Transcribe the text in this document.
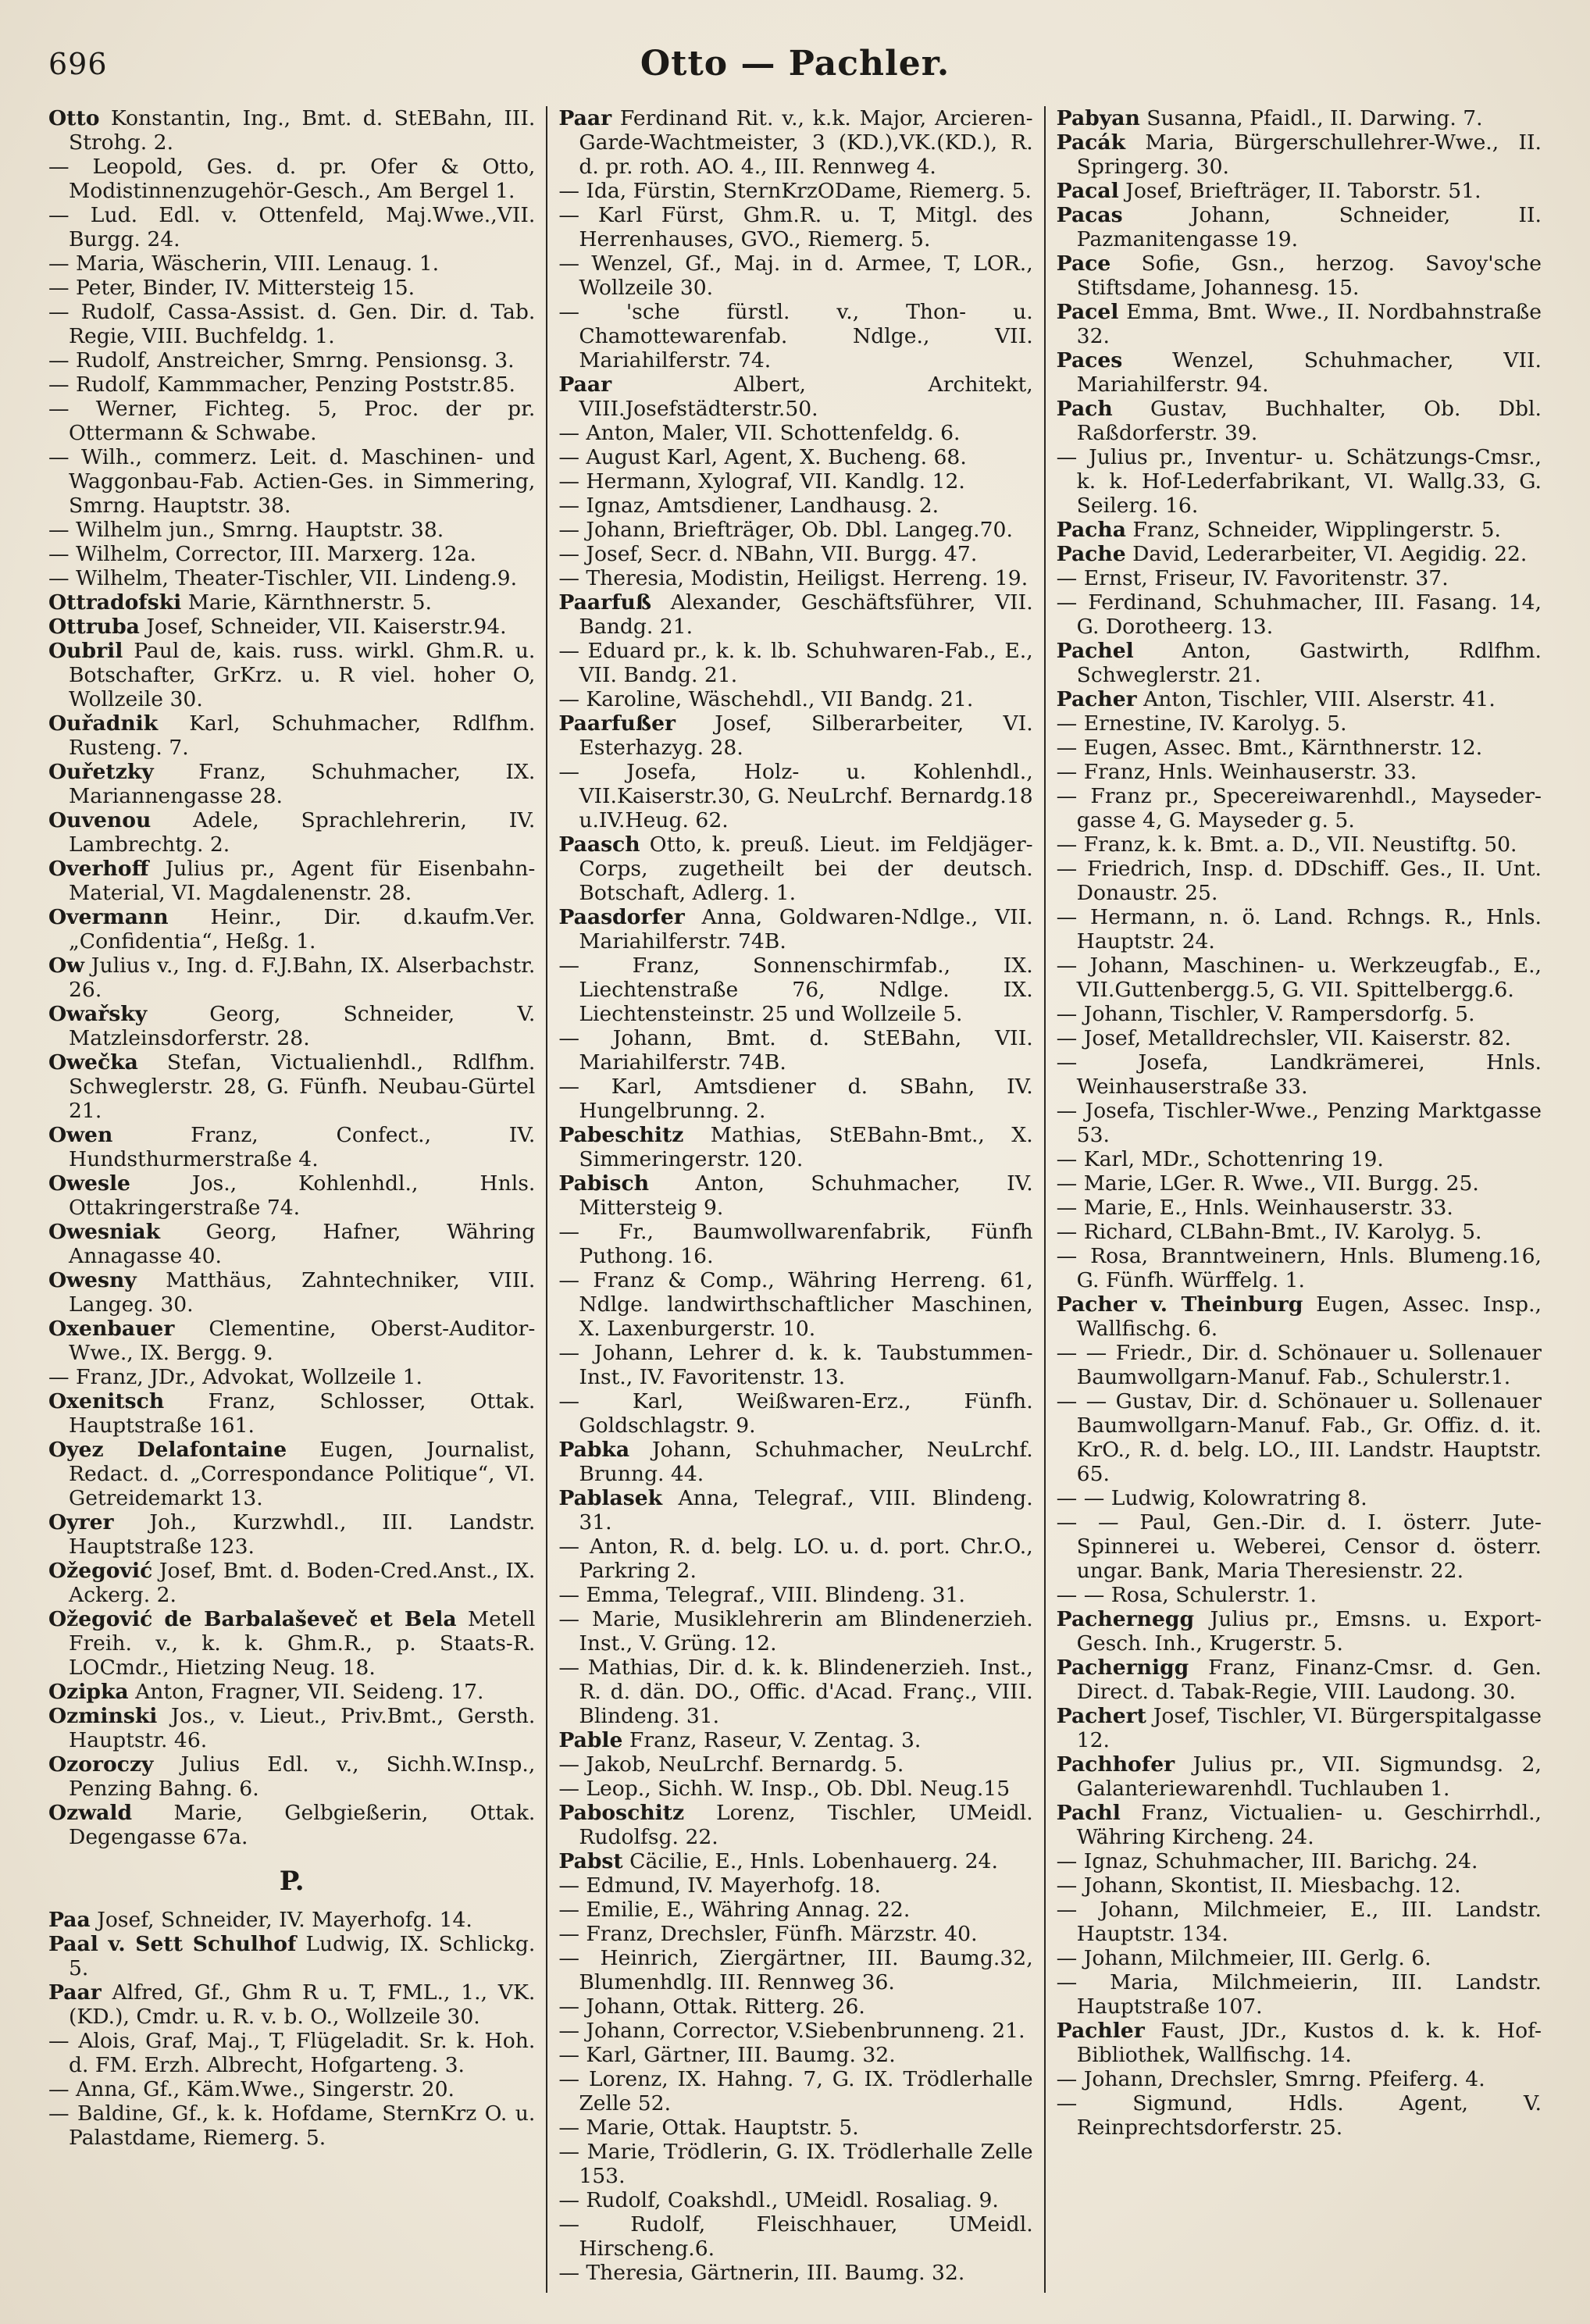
696	Otto — Pachler.

Otto Konstantin, Ing., Bmt. d. StEBahn, III. Strohg. 2.

— Leopold, Ges. d. pr. Ofer & Otto, Modistinnenzugehör-Gesch., Am Bergel 1.

— Lud. Edl. v. Ottenfeld, Maj.Wwe.,VII. Burgg. 24.

— Maria, Wäscherin, VIII. Lenaug. 1.

— Peter, Binder, IV. Mittersteig 15.

— Rudolf, Cassa-Assist. d. Gen. Dir. d. Tab. Regie, VIII. Buchfeldg. 1.

— Rudolf, Anstreicher, Smrng. Pensionsg. 3.

— Rudolf, Kammmacher, Penzing Poststr.85.

— Werner, Fichteg. 5, Proc. der pr. Ottermann & Schwabe.

— Wilh., commerz. Leit. d. Maschinen- und Waggonbau-Fab. Actien-Ges. in Simmering, Smrng. Hauptstr. 38.

— Wilhelm jun., Smrng. Hauptstr. 38.

— Wilhelm, Corrector, III. Marxerg. 12a.

— Wilhelm, Theater-Tischler, VII. Lindeng.9.

Ottradofski Marie, Kärnthnerstr. 5.

Ottruba Josef, Schneider, VII. Kaiserstr.94.

Oubril Paul de, kais. russ. wirkl. Ghm.R. u. Botschafter, GrKrz. u. R viel. hoher O, Wollzeile 30.

Ouřadnik Karl, Schuhmacher, Rdlfhm. Rusteng. 7.

Ouřetzky Franz, Schuhmacher, IX. Mariannengasse 28.

Ouvenou Adele, Sprachlehrerin, IV. Lambrechtg. 2.

Overhoff Julius pr., Agent für Eisenbahn-Material, VI. Magdalenenstr. 28.

Overmann Heinr., Dir. d.kaufm.Ver.„Confidentia“, Heßg. 1.

Ow Julius v., Ing. d. F.J.Bahn, IX. Alserbachstr. 26.

Owařsky Georg, Schneider, V. Matzleinsdorferstr. 28.

Owečka Stefan, Victualienhdl., Rdlfhm. Schweglerstr. 28, G. Fünfh. Neubau-Gürtel 21.

Owen Franz, Confect., IV. Hundsthurmerstraße 4.

Owesle Jos., Kohlenhdl., Hnls. Ottakringerstraße 74.

Owesniak Georg, Hafner, Währing Annagasse 40.

Owesny Matthäus, Zahntechniker, VIII. Langeg. 30.

Oxenbauer Clementine, Oberst-Auditor-Wwe., IX. Bergg. 9.

— Franz, JDr., Advokat, Wollzeile 1.

Oxenitsch Franz, Schlosser, Ottak. Hauptstraße 161.

Oyez Delafontaine Eugen, Journalist, Redact. d. „Correspondance Politique“, VI. Getreidemarkt 13.

Oyrer Joh., Kurzwhdl., III. Landstr. Hauptstraße 123.

Ožegović Josef, Bmt. d. Boden-Cred.Anst., IX. Ackerg. 2.

Ožegović de Barbalaševeč et Bela Metell Freih. v., k. k. Ghm.R., p. Staats-R. LOCmdr., Hietzing Neug. 18.

Ozipka Anton, Fragner, VII. Seideng. 17.

Ozminski Jos., v. Lieut., Priv.Bmt., Gersth. Hauptstr. 46.

Ozoroczy Julius Edl. v., Sichh.W.Insp., Penzing Bahng. 6.

Ozwald Marie, Gelbgießerin, Ottak. Degengasse 67a.

P.

Paa Josef, Schneider, IV. Mayerhofg. 14.

Paal v. Sett Schulhof Ludwig, IX. Schlickg. 5.

Paar Alfred, Gf., Ghm R u. T, FML., 1., VK.(KD.), Cmdr. u. R. v. b. O., Wollzeile 30.

— Alois, Graf, Maj., T, Flügeladit. Sr. k. Hoh. d. FM. Erzh. Albrecht, Hofgarteng. 3.

— Anna, Gf., Käm.Wwe., Singerstr. 20.

— Baldine, Gf., k. k. Hofdame, SternKrz O. u. Palastdame, Riemerg. 5.

Paar Ferdinand Rit. v., k.k. Major, Arcieren-Garde-Wachtmeister, 3 (KD.),VK.(KD.), R. d. pr. roth. AO. 4., III. Rennweg 4.

— Ida, Fürstin, SternKrzODame, Riemerg. 5.

— Karl Fürst, Ghm.R. u. T, Mitgl. des Herrenhauses, GVO., Riemerg. 5.

— Wenzel, Gf., Maj. in d. Armee, T, LOR., Wollzeile 30.

— 'sche fürstl. v., Thon- u. Chamottewarenfab. Ndlge., VII. Mariahilferstr. 74.

Paar Albert, Architekt, VIII.Josefstädterstr.50.

— Anton, Maler, VII. Schottenfeldg. 6.

— August Karl, Agent, X. Bucheng. 68.

— Hermann, Xylograf, VII. Kandlg. 12.

— Ignaz, Amtsdiener, Landhausg. 2.

— Johann, Briefträger, Ob. Dbl. Langeg.70.

— Josef, Secr. d. NBahn, VII. Burgg. 47.

— Theresia, Modistin, Heiligst. Herreng. 19.

Paarfuß Alexander, Geschäftsführer, VII. Bandg. 21.

— Eduard pr., k. k. lb. Schuhwaren-Fab., E., VII. Bandg. 21.

— Karoline, Wäschehdl., VII Bandg. 21.

Paarfußer Josef, Silberarbeiter, VI. Esterhazyg. 28.

— Josefa, Holz- u. Kohlenhdl., VII.Kaiserstr.30, G. NeuLrchf. Bernardg.18 u.IV.Heug. 62.

Paasch Otto, k. preuß. Lieut. im Feldjäger-Corps, zugetheilt bei der deutsch. Botschaft, Adlerg. 1.

Paasdorfer Anna, Goldwaren-Ndlge., VII. Mariahilferstr. 74B.

— Franz, Sonnenschirmfab., IX. Liechtenstraße 76, Ndlge. IX. Liechtensteinstr. 25 und Wollzeile 5.

— Johann, Bmt. d. StEBahn, VII. Mariahilferstr. 74B.

— Karl, Amtsdiener d. SBahn, IV. Hungelbrunng. 2.

Pabeschitz Mathias, StEBahn-Bmt., X. Simmeringerstr. 120.

Pabisch Anton, Schuhmacher, IV. Mittersteig 9.

— Fr., Baumwollwarenfabrik, Fünfh Puthong. 16.

— Franz & Comp., Währing Herreng. 61, Ndlge. landwirthschaftlicher Maschinen, X. Laxenburgerstr. 10.

— Johann, Lehrer d. k. k. Taubstummen-Inst., IV. Favoritenstr. 13.

— Karl, Weißwaren-Erz., Fünfh. Goldschlagstr. 9.

Pabka Johann, Schuhmacher, NeuLrchf. Brunng. 44.

Pablasek Anna, Telegraf., VIII. Blindeng. 31.

— Anton, R. d. belg. LO. u. d. port. Chr.O., Parkring 2.

— Emma, Telegraf., VIII. Blindeng. 31.

— Marie, Musiklehrerin am Blindenerzieh. Inst., V. Grüng. 12.

— Mathias, Dir. d. k. k. Blindenerzieh. Inst., R. d. dän. DO., Offic. d'Acad. Franç., VIII. Blindeng. 31.

Pable Franz, Raseur, V. Zentag. 3.

— Jakob, NeuLrchf. Bernardg. 5.

— Leop., Sichh. W. Insp., Ob. Dbl. Neug.15

Paboschitz Lorenz, Tischler, UMeidl. Rudolfsg. 22.

Pabst Cäcilie, E., Hnls. Lobenhauerg. 24.

— Edmund, IV. Mayerhofg. 18.

— Emilie, E., Währing Annag. 22.

— Franz, Drechsler, Fünfh. Märzstr. 40.

— Heinrich, Ziergärtner, III. Baumg.32, Blumenhdlg. III. Rennweg 36.

— Johann, Ottak. Ritterg. 26.

— Johann, Corrector, V.Siebenbrunneng. 21.

— Karl, Gärtner, III. Baumg. 32.

— Lorenz, IX. Hahng. 7, G. IX. Trödlerhalle Zelle 52.

— Marie, Ottak. Hauptstr. 5.

— Marie, Trödlerin, G. IX. Trödlerhalle Zelle 153.

— Rudolf, Coakshdl., UMeidl. Rosaliag. 9.

— Rudolf, Fleischhauer, UMeidl. Hirscheng.6.

— Theresia, Gärtnerin, III. Baumg. 32.

Pabyan Susanna, Pfaidl., II. Darwing. 7.

Pacák Maria, Bürgerschullehrer-Wwe., II. Springerg. 30.

Pacal Josef, Briefträger, II. Taborstr. 51.

Pacas Johann, Schneider, II. Pazmanitengasse 19.

Pace Sofie, Gsn., herzog. Savoy'sche Stiftsdame, Johannesg. 15.

Pacel Emma, Bmt. Wwe., II. Nordbahnstraße 32.

Paces Wenzel, Schuhmacher, VII. Mariahilferstr. 94.

Pach Gustav, Buchhalter, Ob. Dbl. Raßdorferstr. 39.

— Julius pr., Inventur- u. Schätzungs-Cmsr., k. k. Hof-Lederfabrikant, VI. Wallg.33, G. Seilerg. 16.

Pacha Franz, Schneider, Wipplingerstr. 5.

Pache David, Lederarbeiter, VI. Aegidig. 22.

— Ernst, Friseur, IV. Favoritenstr. 37.

— Ferdinand, Schuhmacher, III. Fasang. 14, G. Dorotheerg. 13.

Pachel Anton, Gastwirth, Rdlfhm. Schweglerstr. 21.

Pacher Anton, Tischler, VIII. Alserstr. 41.

— Ernestine, IV. Karolyg. 5.

— Eugen, Assec. Bmt., Kärnthnerstr. 12.

— Franz, Hnls. Weinhauserstr. 33.

— Franz pr., Specereiwarenhdl., Mayseder-gasse 4, G. Mayseder g. 5.

— Franz, k. k. Bmt. a. D., VII. Neustiftg. 50.

— Friedrich, Insp. d. DDschiff. Ges., II. Unt. Donaustr. 25.

— Hermann, n. ö. Land. Rchngs. R., Hnls. Hauptstr. 24.

— Johann, Maschinen- u. Werkzeugfab., E., VII.Guttenbergg.5, G. VII. Spittelbergg.6.

— Johann, Tischler, V. Rampersdorfg. 5.

— Josef, Metalldrechsler, VII. Kaiserstr. 82.

— Josefa, Landkrämerei, Hnls. Weinhauserstraße 33.

— Josefa, Tischler-Wwe., Penzing Marktgasse 53.

— Karl, MDr., Schottenring 19.

— Marie, LGer. R. Wwe., VII. Burgg. 25.

— Marie, E., Hnls. Weinhauserstr. 33.

— Richard, CLBahn-Bmt., IV. Karolyg. 5.

— Rosa, Branntweinern, Hnls. Blumeng.16, G. Fünfh. Würffelg. 1.

Pacher v. Theinburg Eugen, Assec. Insp., Wallfischg. 6.

— — Friedr., Dir. d. Schönauer u. Sollenauer Baumwollgarn-Manuf. Fab., Schulerstr.1.

— — Gustav, Dir. d. Schönauer u. Sollenauer Baumwollgarn-Manuf. Fab., Gr. Offiz. d. it. KrO., R. d. belg. LO., III. Landstr. Hauptstr. 65.

— — Ludwig, Kolowratring 8.

— — Paul, Gen.-Dir. d. I. österr. Jute-Spinnerei u. Weberei, Censor d. österr. ungar. Bank, Maria Theresienstr. 22.

— — Rosa, Schulerstr. 1.

Pachernegg Julius pr., Emsns. u. Export-Gesch. Inh., Krugerstr. 5.

Pachernigg Franz, Finanz-Cmsr. d. Gen. Direct. d. Tabak-Regie, VIII. Laudong. 30.

Pachert Josef, Tischler, VI. Bürgerspitalgasse 12.

Pachhofer Julius pr., VII. Sigmundsg. 2, Galanteriewarenhdl. Tuchlauben 1.

Pachl Franz, Victualien- u. Geschirrhdl., Währing Kircheng. 24.

— Ignaz, Schuhmacher, III. Barichg. 24.

— Johann, Skontist, II. Miesbachg. 12.

— Johann, Milchmeier, E., III. Landstr. Hauptstr. 134.

— Johann, Milchmeier, III. Gerlg. 6.

— Maria, Milchmeierin, III. Landstr. Hauptstraße 107.

Pachler Faust, JDr., Kustos d. k. k. Hof-Bibliothek, Wallfischg. 14.

— Johann, Drechsler, Smrng. Pfeiferg. 4.

— Sigmund, Hdls. Agent, V. Reinprechtsdorferstr. 25.
